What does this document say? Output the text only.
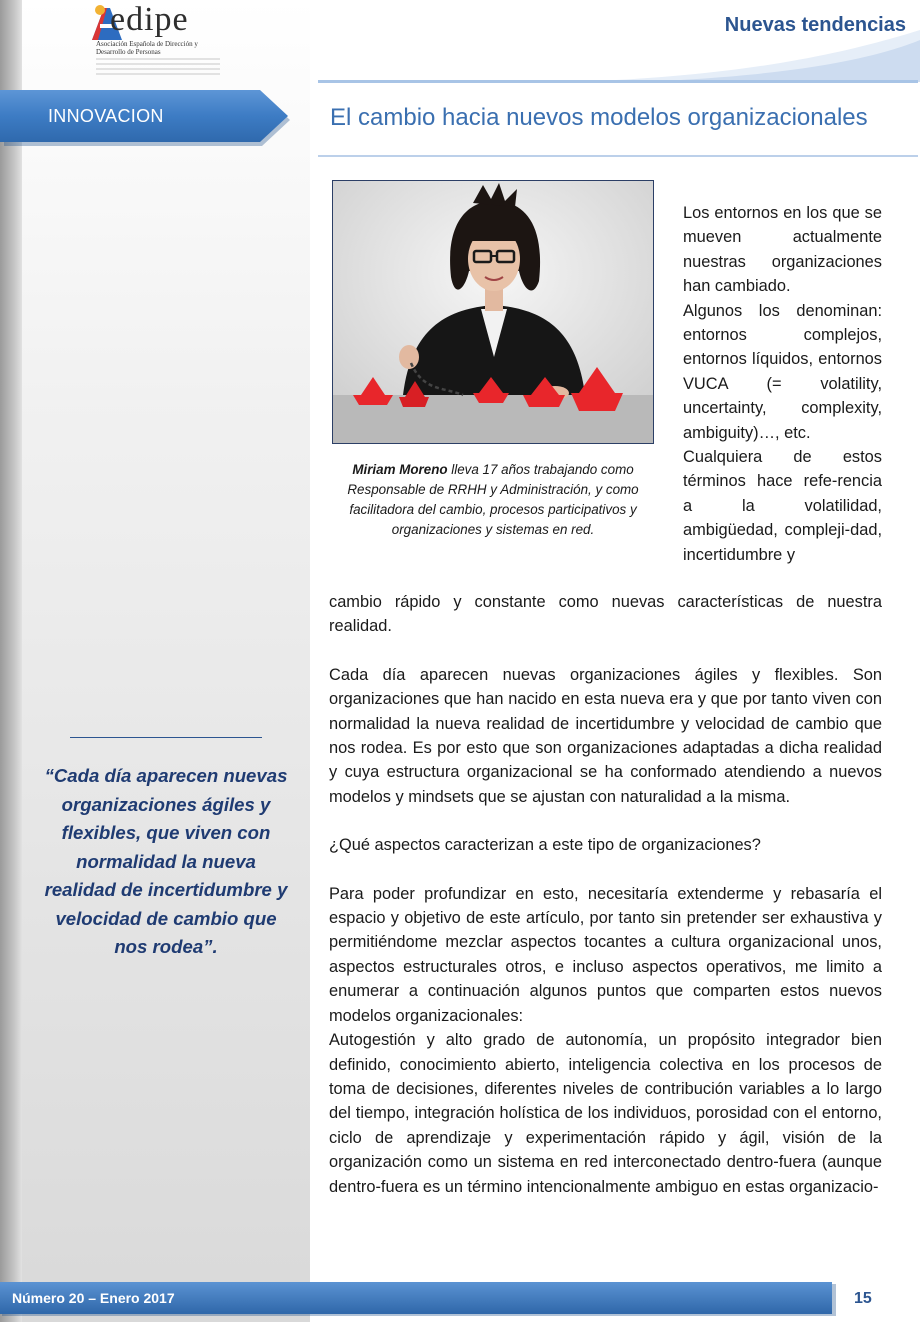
edipe
Asociación Española de Dirección y Desarrollo de Personas
Nuevas tendencias
INNOVACION	El cambio hacia nuevos modelos organizacionales
Miriam Moreno lleva 17 años trabajando como Responsable de RRHH y Administración, y como facilitadora del cambio, procesos participativos y organizaciones y sistemas en red.

Los entornos en los que se mueven actualmente nuestras organizaciones han cambiado.

Algunos los denominan: entornos complejos, entornos líquidos, entornos VUCA (= volatility, uncertainty, complexity, ambiguity)…, etc.

Cualquiera de estos términos hace refe-rencia a la volatilidad, ambigüedad, compleji-dad, incertidumbre y

cambio rápido y constante como nuevas características de nuestra realidad.

Cada día aparecen nuevas organizaciones ágiles y flexibles. Son organizaciones que han nacido en esta nueva era y que por tanto viven con normalidad la nueva realidad de incertidumbre y velocidad de cambio que nos rodea. Es por esto que son organizaciones adaptadas a dicha realidad y cuya estructura organizacional se ha conformado atendiendo a nuevos modelos y mindsets que se ajustan con naturalidad a la misma.

¿Qué aspectos caracterizan a este tipo de organizaciones?

Para poder profundizar en esto, necesitaría extenderme y rebasaría el espacio y objetivo de este artículo, por tanto sin pretender ser exhaustiva y permitiéndome mezclar aspectos tocantes a cultura organizacional unos, aspectos estructurales otros, e incluso aspectos operativos, me limito a enumerar a continuación algunos puntos que comparten estos nuevos modelos organizacionales:

Autogestión y alto grado de autonomía, un propósito integrador bien definido, conocimiento abierto, inteligencia colectiva en los procesos de toma de decisiones, diferentes niveles de contribución variables a lo largo del tiempo, integración holística de los individuos, porosidad con el entorno, ciclo de aprendizaje y experimentación rápido y ágil, visión de la organización como un sistema en red interconectado dentro-fuera (aunque dentro-fuera es un término intencionalmente ambiguo en estas organizacio-

“Cada día aparecen nuevas organizaciones ágiles y flexibles, que viven con normalidad la nueva realidad de incertidumbre y velocidad de cambio que nos rodea”.
Número 20 – Enero 2017	15
